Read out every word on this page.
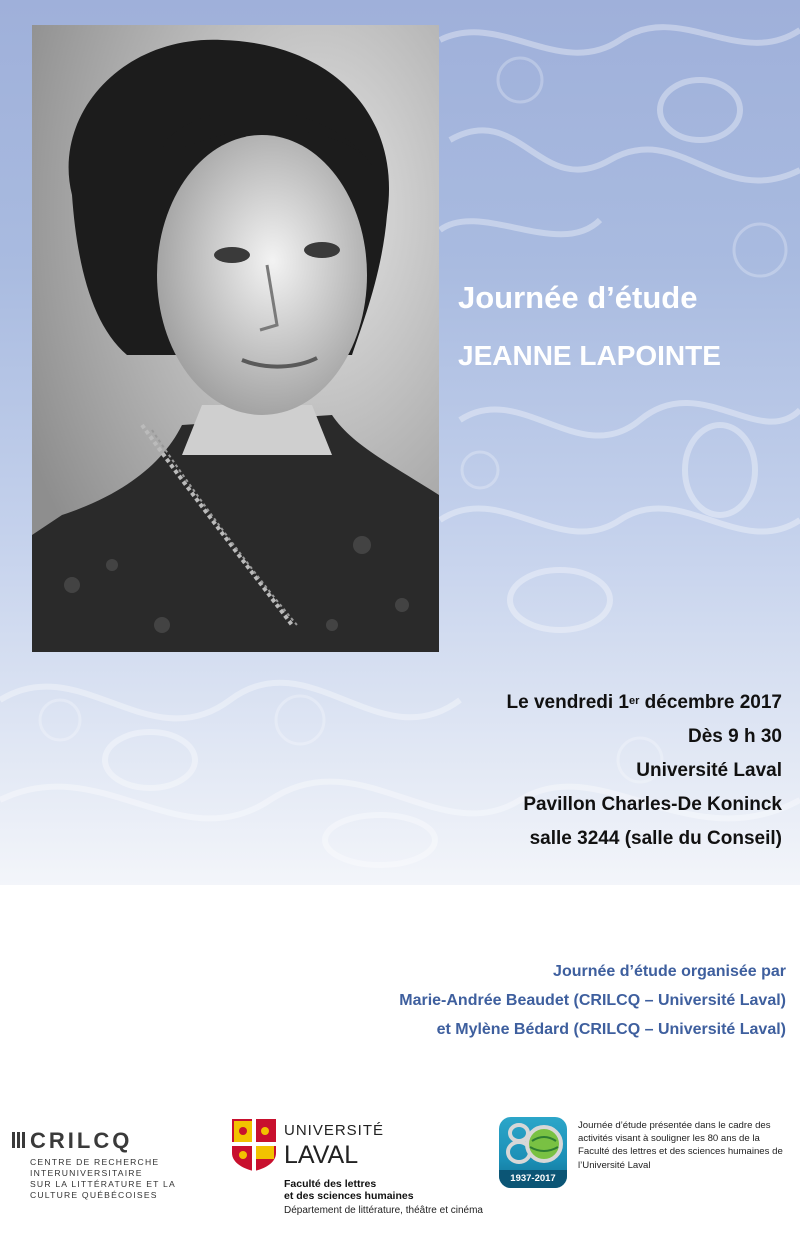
Journée d’étude
JEANNE LAPOINTE
Le vendredi 1er décembre 2017
Dès 9 h 30
Université Laval
Pavillon Charles-De Koninck
salle 3244 (salle du Conseil)
Journée d’étude organisée par
Marie-Andrée Beaudet (CRILCQ – Université Laval)
et Mylène Bédard (CRILCQ – Université Laval)
CRILCQ
CENTRE DE RECHERCHE
INTERUNIVERSITAIRE
SUR LA LITTÉRATURE ET LA
CULTURE QUÉBÉCOISES
UNIVERSITÉ
LAVAL
Faculté des lettres
et des sciences humaines
Département de littérature, théâtre et cinéma
1937-2017
Journée d’étude présentée dans le cadre des activités visant à souligner les 80 ans de la Faculté des lettres et des sciences humaines de l’Université Laval
